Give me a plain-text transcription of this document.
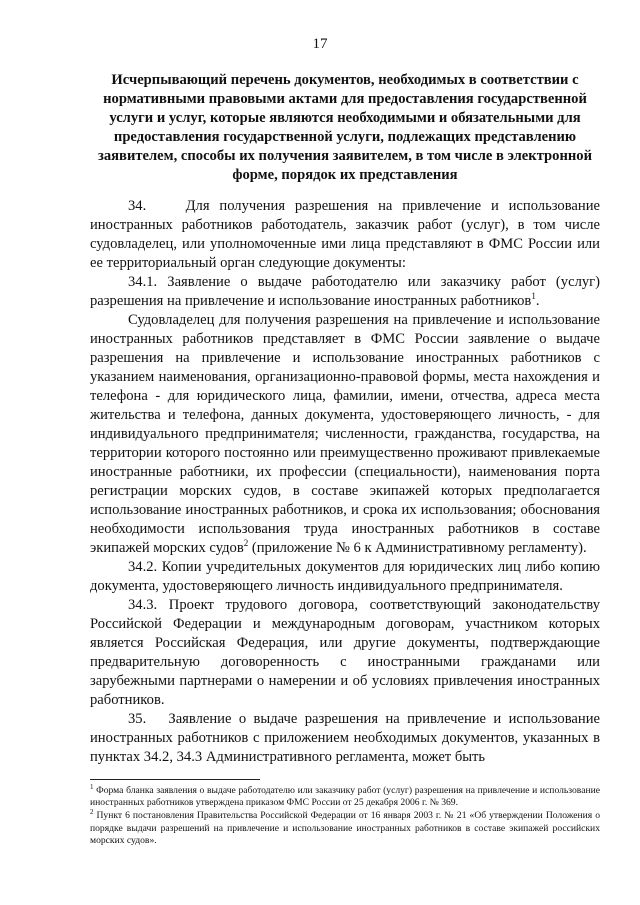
17
Исчерпывающий перечень документов, необходимых в соответствии с нормативными правовыми актами для предоставления государственной услуги и услуг, которые являются необходимыми и обязательными для предоставления государственной услуги, подлежащих представлению заявителем, способы их получения заявителем, в том числе в электронной форме, порядок их представления

34.    Для получения разрешения на привлечение и использование иностранных работников работодатель, заказчик работ (услуг), в том числе судовладелец, или уполномоченные ими лица представляют в ФМС России или ее территориальный орган следующие документы:

34.1. Заявление о выдаче работодателю или заказчику работ (услуг) разрешения на привлечение и использование иностранных работников$^1$.

Судовладелец для получения разрешения на привлечение и использование иностранных работников представляет в ФМС России заявление о выдаче разрешения на привлечение и использование иностранных работников с указанием наименования, организационно-правовой формы, места нахождения и телефона - для юридического лица, фамилии, имени, отчества, адреса места жительства и телефона, данных документа, удостоверяющего личность, - для индивидуального предпринимателя; численности, гражданства, государства, на территории которого постоянно или преимущественно проживают привлекаемые иностранные работники, их профессии (специальности), наименования порта регистрации морских судов, в составе экипажей которых предполагается использование иностранных работников, и срока их использования; обоснования необходимости использования труда иностранных работников в составе экипажей морских судов$^2$ (приложение № 6 к Административному регламенту).

34.2. Копии учредительных документов для юридических лиц либо копию документа, удостоверяющего личность индивидуального предпринимателя.

34.3. Проект трудового договора, соответствующий законодательству Российской Федерации и международным договорам, участником которых является Российская Федерация, или другие документы, подтверждающие предварительную договоренность с иностранными гражданами или зарубежными партнерами о намерении и об условиях привлечения иностранных работников.

35.   Заявление о выдаче разрешения на привлечение и использование иностранных работников с приложением необходимых документов, указанных в пунктах 34.2, 34.3 Административного регламента, может быть

$^1$ Форма бланка заявления о выдаче работодателю или заказчику работ (услуг) разрешения на привлечение и использование иностранных работников утверждена приказом ФМС России от 25 декабря 2006 г. № 369.

$^2$ Пункт 6 постановления Правительства Российской Федерации от 16 января 2003 г. № 21 «Об утверждении Положения о порядке выдачи разрешений на привлечение и использование иностранных работников в составе экипажей российских морских судов».
